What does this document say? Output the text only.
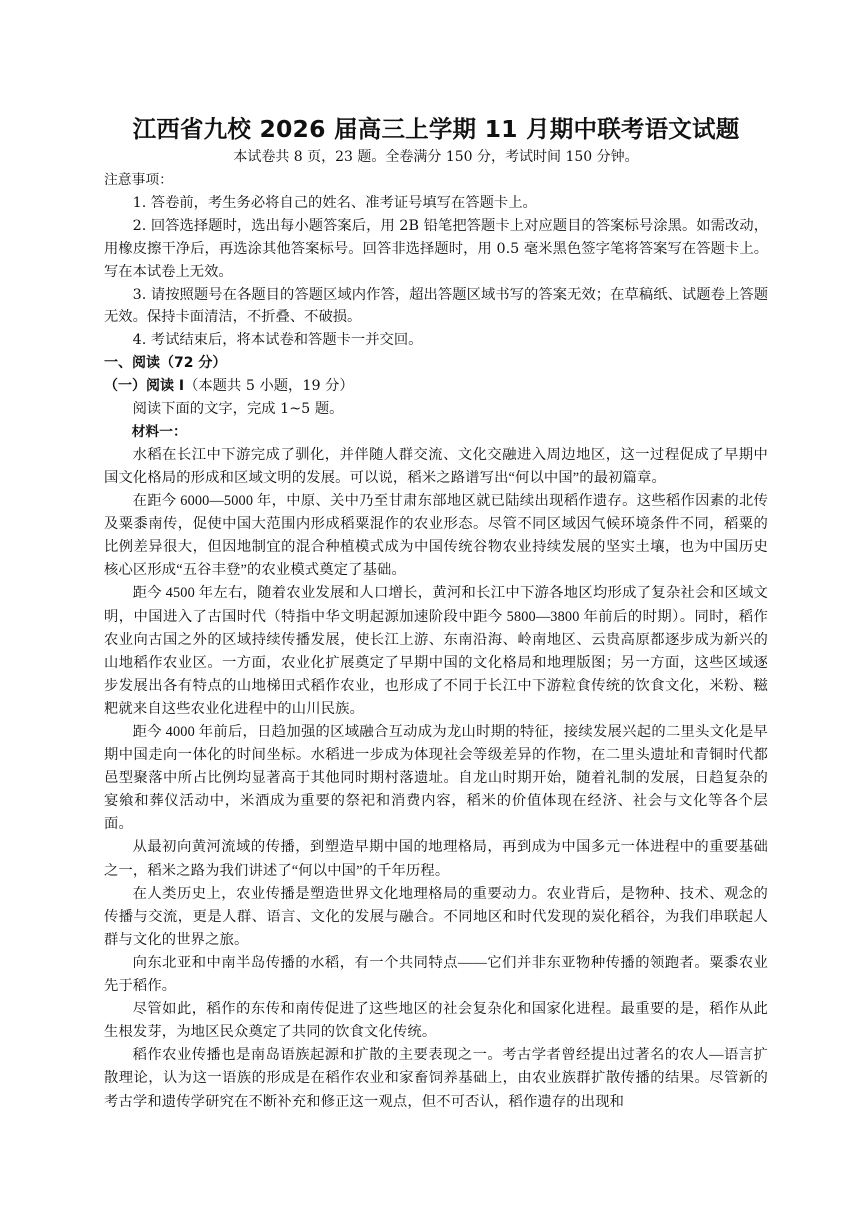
江西省九校 2026 届高三上学期 11 月期中联考语文试题

本试卷共 8 页，23 题。全卷满分 150 分，考试时间 150 分钟。

注意事项：

1. 答卷前，考生务必将自己的姓名、准考证号填写在答题卡上。

2. 回答选择题时，选出每小题答案后，用 2B 铅笔把答题卡上对应题目的答案标号涂黑。如需改动，用橡皮擦干净后，再选涂其他答案标号。回答非选择题时，用 0.5 毫米黑色签字笔将答案写在答题卡上。写在本试卷上无效。

3. 请按照题号在各题目的答题区域内作答，超出答题区域书写的答案无效；在草稿纸、试题卷上答题无效。保持卡面清洁，不折叠、不破损。

4. 考试结束后，将本试卷和答题卡一并交回。

一、阅读（72 分）

（一）阅读 I（本题共 5 小题，19 分）

阅读下面的文字，完成 1~5 题。

材料一：

水稻在长江中下游完成了驯化，并伴随人群交流、文化交融进入周边地区，这一过程促成了早期中国文化格局的形成和区域文明的发展。可以说，稻米之路谱写出“何以中国”的最初篇章。

在距今 6000—5000 年，中原、关中乃至甘肃东部地区就已陆续出现稻作遗存。这些稻作因素的北传及粟黍南传，促使中国大范围内形成稻粟混作的农业形态。尽管不同区域因气候环境条件不同，稻粟的比例差异很大，但因地制宜的混合种植模式成为中国传统谷物农业持续发展的坚实土壤，也为中国历史核心区形成“五谷丰登”的农业模式奠定了基础。

距今 4500 年左右，随着农业发展和人口增长，黄河和长江中下游各地区均形成了复杂社会和区域文明，中国进入了古国时代（特指中华文明起源加速阶段中距今 5800—3800 年前后的时期）。同时，稻作农业向古国之外的区域持续传播发展，使长江上游、东南沿海、岭南地区、云贵高原都逐步成为新兴的山地稻作农业区。一方面，农业化扩展奠定了早期中国的文化格局和地理版图；另一方面，这些区域逐步发展出各有特点的山地梯田式稻作农业，也形成了不同于长江中下游粒食传统的饮食文化，米粉、糍粑就来自这些农业化进程中的山川民族。

距今 4000 年前后，日趋加强的区域融合互动成为龙山时期的特征，接续发展兴起的二里头文化是早期中国走向一体化的时间坐标。水稻进一步成为体现社会等级差异的作物，在二里头遗址和青铜时代都邑型聚落中所占比例均显著高于其他同时期村落遗址。自龙山时期开始，随着礼制的发展，日趋复杂的宴飨和葬仪活动中，米酒成为重要的祭祀和消费内容，稻米的价值体现在经济、社会与文化等各个层面。

从最初向黄河流域的传播，到塑造早期中国的地理格局，再到成为中国多元一体进程中的重要基础之一，稻米之路为我们讲述了“何以中国”的千年历程。

在人类历史上，农业传播是塑造世界文化地理格局的重要动力。农业背后，是物种、技术、观念的传播与交流，更是人群、语言、文化的发展与融合。不同地区和时代发现的炭化稻谷，为我们串联起人群与文化的世界之旅。

向东北亚和中南半岛传播的水稻，有一个共同特点——它们并非东亚物种传播的领跑者。粟黍农业先于稻作。

尽管如此，稻作的东传和南传促进了这些地区的社会复杂化和国家化进程。最重要的是，稻作从此生根发芽，为地区民众奠定了共同的饮食文化传统。

稻作农业传播也是南岛语族起源和扩散的主要表现之一。考古学者曾经提出过著名的农人—语言扩散理论，认为这一语族的形成是在稻作农业和家畜饲养基础上，由农业族群扩散传播的结果。尽管新的考古学和遗传学研究在不断补充和修正这一观点，但不可否认，稻作遗存的出现和
